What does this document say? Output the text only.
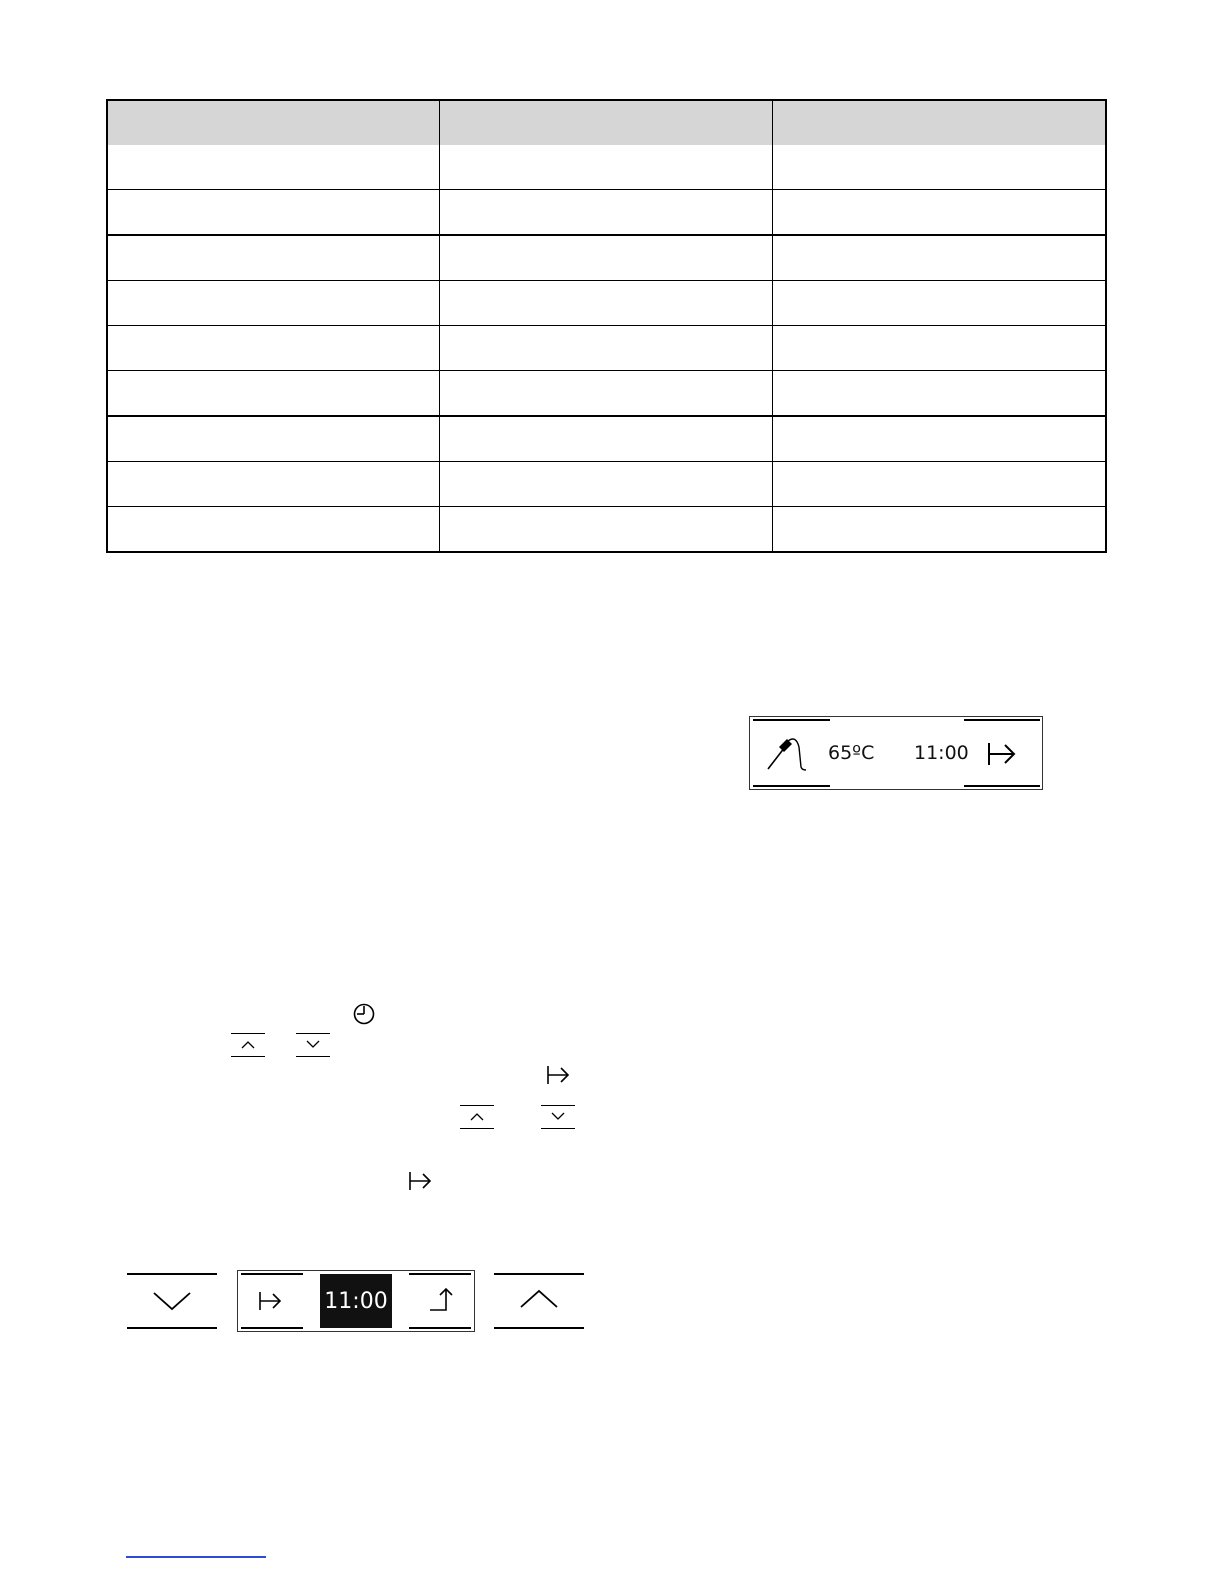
65ºC 11:00
11:00
